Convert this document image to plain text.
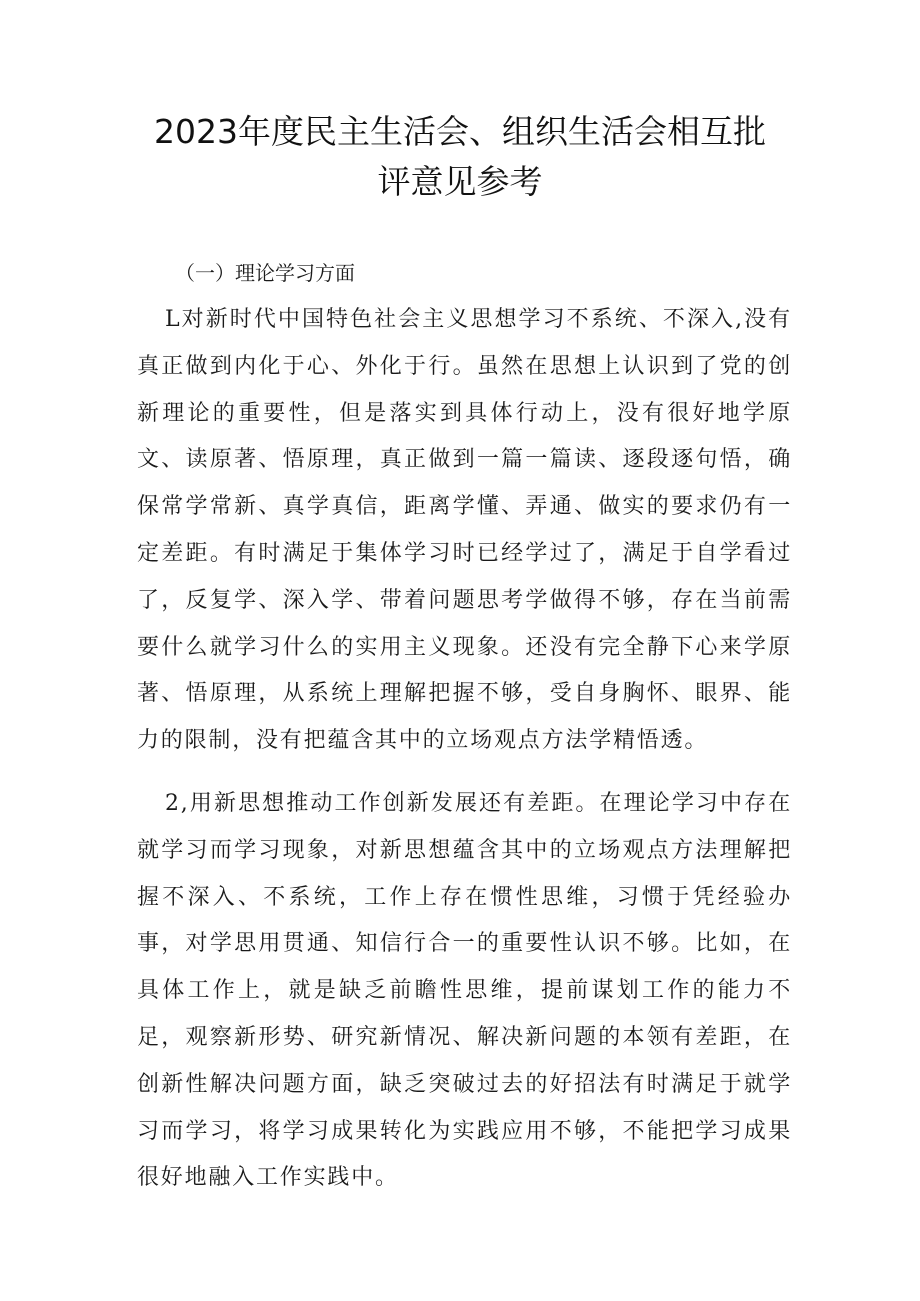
2023年度民主生活会、组织生活会相互批
评意见参考

（一）理论学习方面

L对新时代中国特色社会主义思想学习不系统、不深入,没有真正做到内化于心、外化于行。虽然在思想上认识到了党的创新理论的重要性，但是落实到具体行动上，没有很好地学原文、读原著、悟原理，真正做到一篇一篇读、逐段逐句悟，确保常学常新、真学真信，距离学懂、弄通、做实的要求仍有一定差距。有时满足于集体学习时已经学过了，满足于自学看过了，反复学、深入学、带着问题思考学做得不够，存在当前需要什么就学习什么的实用主义现象。还没有完全静下心来学原著、悟原理，从系统上理解把握不够，受自身胸怀、眼界、能力的限制，没有把蕴含其中的立场观点方法学精悟透。

2,用新思想推动工作创新发展还有差距。在理论学习中存在就学习而学习现象，对新思想蕴含其中的立场观点方法理解把握不深入、不系统，工作上存在惯性思维，习惯于凭经验办事，对学思用贯通、知信行合一的重要性认识不够。比如，在具体工作上，就是缺乏前瞻性思维，提前谋划工作的能力不足，观察新形势、研究新情况、解决新问题的本领有差距，在创新性解决问题方面，缺乏突破过去的好招法有时满足于就学习而学习，将学习成果转化为实践应用不够，不能把学习成果很好地融入工作实践中。
